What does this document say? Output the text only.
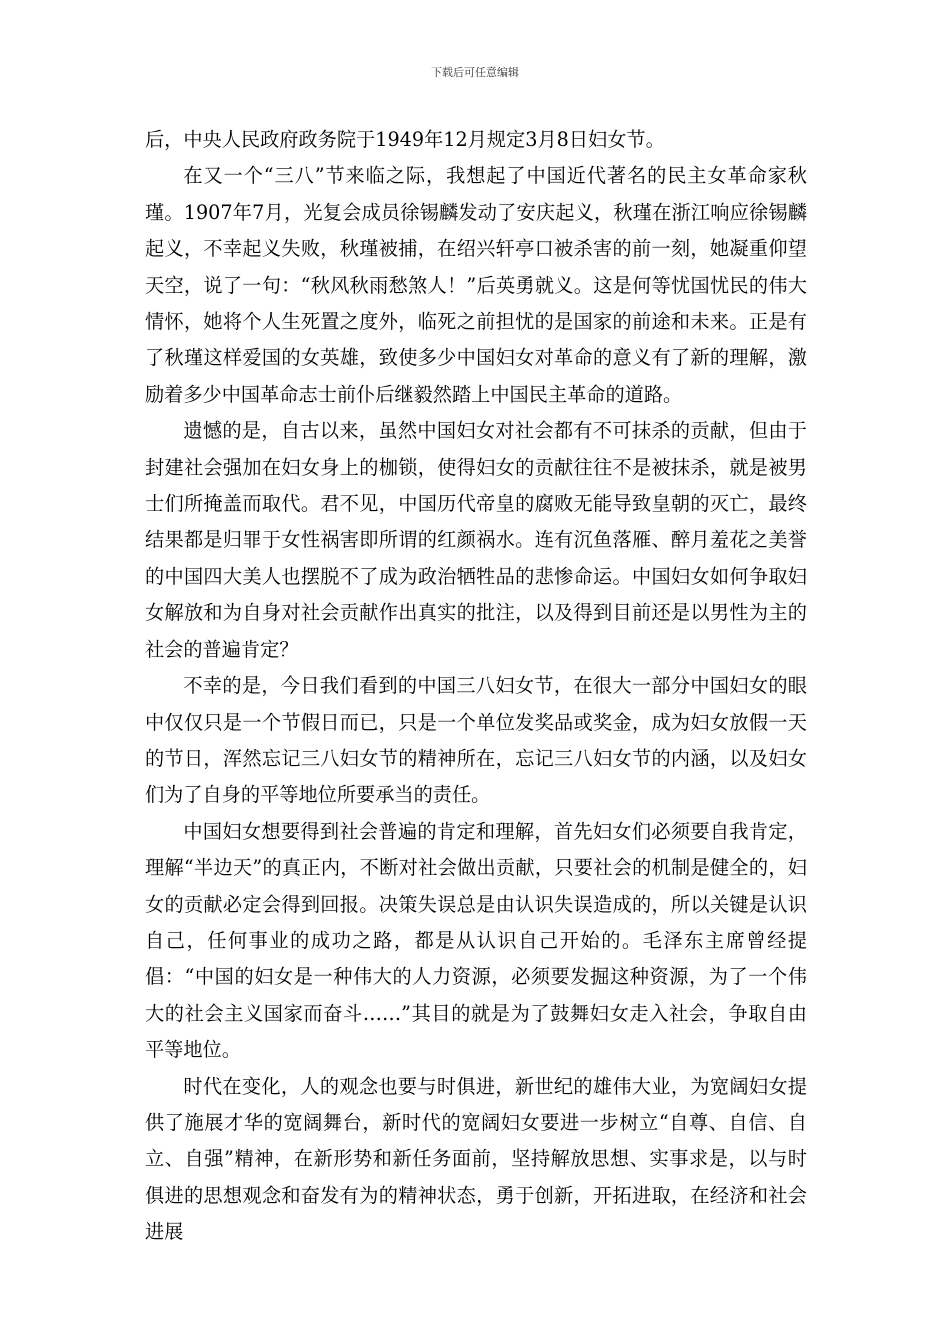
下载后可任意编辑

后，中央人民政府政务院于1949年12月规定3月8日妇女节。

在又一个“三八”节来临之际，我想起了中国近代著名的民主女革命家秋瑾。1907年7月，光复会成员徐锡麟发动了安庆起义，秋瑾在浙江响应徐锡麟起义，不幸起义失败，秋瑾被捕，在绍兴轩亭口被杀害的前一刻，她凝重仰望天空，说了一句：“秋风秋雨愁煞人！”后英勇就义。这是何等忧国忧民的伟大情怀，她将个人生死置之度外，临死之前担忧的是国家的前途和未来。正是有了秋瑾这样爱国的女英雄，致使多少中国妇女对革命的意义有了新的理解，激励着多少中国革命志士前仆后继毅然踏上中国民主革命的道路。

遗憾的是，自古以来，虽然中国妇女对社会都有不可抹杀的贡献，但由于封建社会强加在妇女身上的枷锁，使得妇女的贡献往往不是被抹杀，就是被男士们所掩盖而取代。君不见，中国历代帝皇的腐败无能导致皇朝的灭亡，最终结果都是归罪于女性祸害即所谓的红颜祸水。连有沉鱼落雁、醉月羞花之美誉的中国四大美人也摆脱不了成为政治牺牲品的悲惨命运。中国妇女如何争取妇女解放和为自身对社会贡献作出真实的批注，以及得到目前还是以男性为主的社会的普遍肯定？

不幸的是，今日我们看到的中国三八妇女节，在很大一部分中国妇女的眼中仅仅只是一个节假日而已，只是一个单位发奖品或奖金，成为妇女放假一天的节日，浑然忘记三八妇女节的精神所在，忘记三八妇女节的内涵，以及妇女们为了自身的平等地位所要承当的责任。

中国妇女想要得到社会普遍的肯定和理解，首先妇女们必须要自我肯定，理解“半边天”的真正内，不断对社会做出贡献，只要社会的机制是健全的，妇女的贡献必定会得到回报。决策失误总是由认识失误造成的，所以关键是认识自己，任何事业的成功之路，都是从认识自己开始的。毛泽东主席曾经提倡：“中国的妇女是一种伟大的人力资源，必须要发掘这种资源，为了一个伟大的社会主义国家而奋斗……”其目的就是为了鼓舞妇女走入社会，争取自由平等地位。

时代在变化，人的观念也要与时俱进，新世纪的雄伟大业，为宽阔妇女提供了施展才华的宽阔舞台，新时代的宽阔妇女要进一步树立“自尊、自信、自立、自强”精神，在新形势和新任务面前，坚持解放思想、实事求是，以与时俱进的思想观念和奋发有为的精神状态，勇于创新，开拓进取，在经济和社会进展
